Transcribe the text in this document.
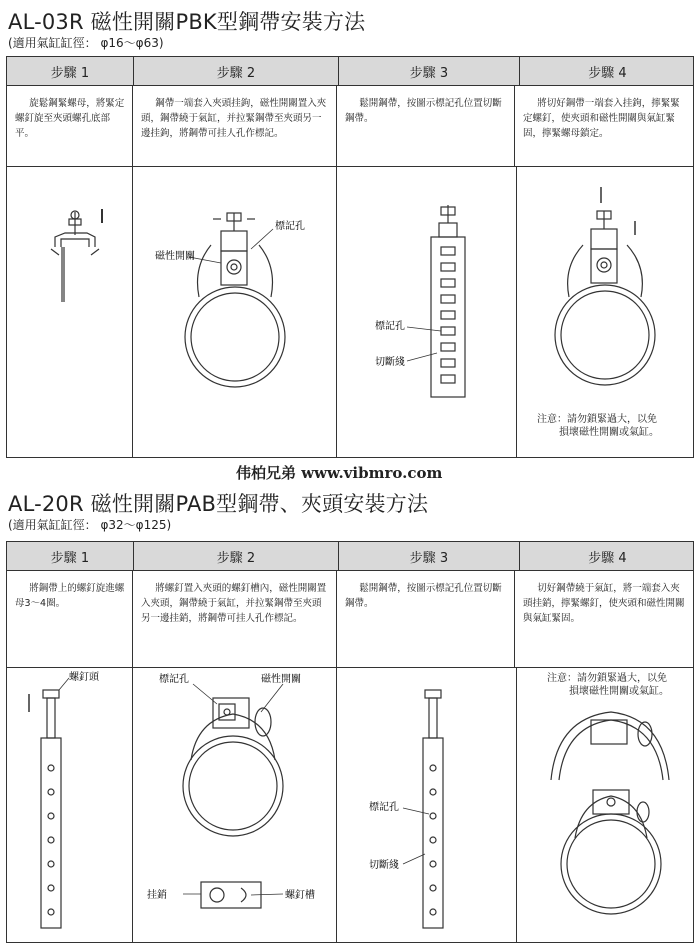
AL-03R 磁性開關PBK型鋼帶安裝方法
(適用氣缸缸徑： φ16～φ63)
步驟 1	步驟 2	步驟 3	步驟 4
旋鬆鋼緊螺母，將緊定螺釘旋至夾頭螺孔底部平。
鋼帶一端套入夾頭挂鉤，磁性開關置入夾頭，鋼帶繞于氣缸，并拉緊鋼帶至夾頭另一邊挂鉤，將鋼帶可挂人孔作標記。
鬆開鋼帶，按圖示標記孔位置切斷鋼帶。
將切好鋼帶一端套入挂鉤，擰緊緊定螺釘，使夾頭和磁性開關與氣缸緊固，擰緊螺母鎖定。
標記孔
磁性開關
標記孔
切斷綫
注意：請勿鎖緊過大，以免
損壞磁性開關或氣缸。
伟柏兄弟 www.vibmro.com
AL-20R 磁性開關PAB型鋼帶、夾頭安裝方法
(適用氣缸缸徑： φ32～φ125)
步驟 1	步驟 2	步驟 3	步驟 4
將鋼帶上的螺釘旋進螺母3～4圈。
將螺釘置入夾頭的螺釘槽內，磁性開關置入夾頭，鋼帶繞于氣缸，并拉緊鋼帶至夾頭另一邊挂銷，將鋼帶可挂人孔作標記。
鬆開鋼帶，按圖示標記孔位置切斷鋼帶。
切好鋼帶繞于氣缸，將一端套入夾頭挂銷，擰緊螺釘，使夾頭和磁性開關與氣缸緊固。
螺釘頭	標記孔	磁性開關
挂銷	螺釘槽
標記孔
切斷綫
注意：請勿鎖緊過大，以免
損壞磁性開關或氣缸。
